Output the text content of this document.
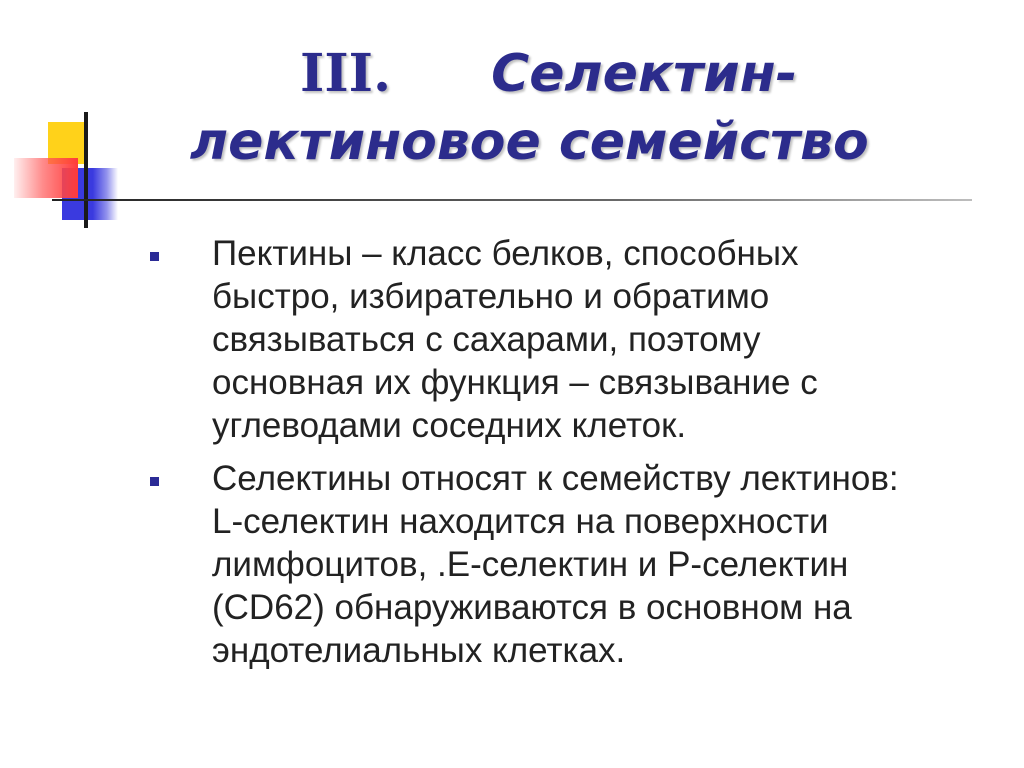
III. Селектин-
лектиновое семейство
Пектины – класс белков, способных
быстро, избирательно и обратимо
связываться с сахарами, поэтому
основная их функция – связывание с
углеводами соседних клеток.
Селектины относят к семейству лектинов:
L-селектин находится на поверхности
лимфоцитов, .Е-селектин и Р-селектин
(CD62) обнаруживаются в основном на
эндотелиальных клетках.
